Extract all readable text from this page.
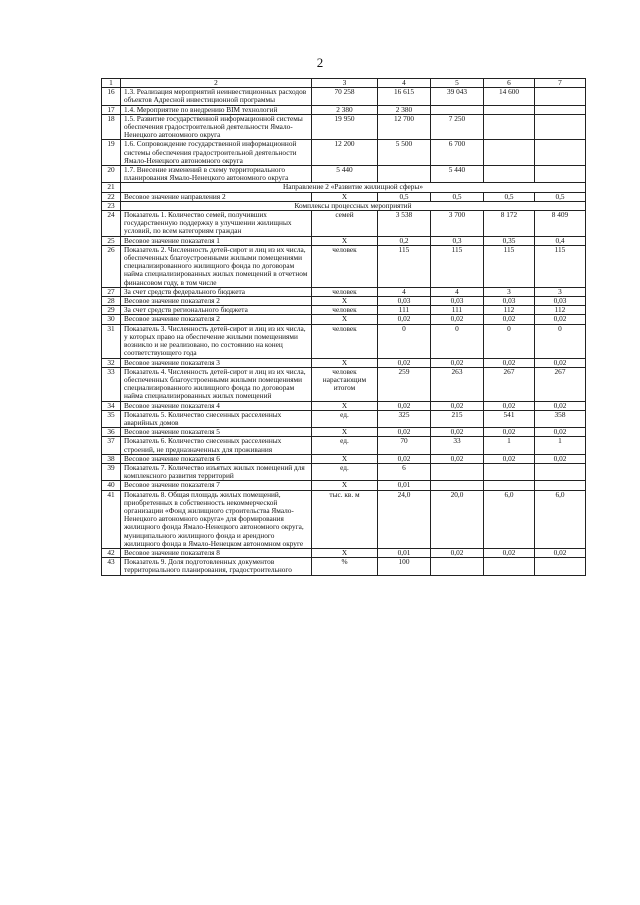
2
1	2	3	4	5	6	7
16	1.3. Реализация мероприятий неинвестиционных расходов объектов Адресной инвестиционной программы	70 258	16 615	39 043	14 600	
17	1.4. Мероприятие по внедрению BIM технологий	2 380	2 380			
18	1.5. Развитие государственной информационной системы обеспечения градостроительной деятельности Ямало-Ненецкого автономного округа	19 950	12 700	7 250		
19	1.6. Сопровождение государственной информационной системы обеспечения градостроительной деятельности Ямало-Ненецкого автономного округа	12 200	5 500	6 700		
20	1.7. Внесение изменений в схему территориального планирования Ямало-Ненецкого автономного округа	5 440		5 440		
21	Направление 2 «Развитие жилищной сферы»					
22	Весовое значение направления 2	X	0,5	0,5	0,5	0,5
23	Комплексы процессных мероприятий					
24	Показатель 1. Количество семей, получивших государственную поддержку в улучшении жилищных условий, по всем категориям граждан	семей	3 538	3 700	8 172	8 409
25	Весовое значение показателя 1	X	0,2	0,3	0,35	0,4
26	Показатель 2. Численность детей-сирот и лиц из их числа, обеспеченных благоустроенными жилыми помещениями специализированного жилищного фонда по договорам найма специализированных жилых помещений в отчетном финансовом году, в том числе	человек	115	115	115	115
27	За счет средств федерального бюджета	человек	4	4	3	3
28	Весовое значение показателя 2	X	0,03	0,03	0,03	0,03
29	За счет средств регионального бюджета	человек	111	111	112	112
30	Весовое значение показателя 2	X	0,02	0,02	0,02	0,02
31	Показатель 3. Численность детей-сирот и лиц из их числа, у которых право на обеспечение жилыми помещениями возникло и не реализовано, по состоянию на конец соответствующего года	человек	0	0	0	0
32	Весовое значение показателя 3	X	0,02	0,02	0,02	0,02
33	Показатель 4. Численность детей-сирот и лиц из их числа, обеспеченных благоустроенными жилыми помещениями специализированного жилищного фонда по договорам найма специализированных жилых помещений	человек нарастающим итогом	259	263	267	267
34	Весовое значение показателя 4	X	0,02	0,02	0,02	0,02
35	Показатель 5. Количество снесенных расселенных аварийных домов	ед.	325	215	541	358
36	Весовое значение показателя 5	X	0,02	0,02	0,02	0,02
37	Показатель 6. Количество снесенных расселенных строений, не предназначенных для проживания	ед.	70	33	1	1
38	Весовое значение показателя 6	X	0,02	0,02	0,02	0,02
39	Показатель 7. Количество изъятых жилых помещений для комплексного развития территорий	ед.	6			
40	Весовое значение показателя 7	X	0,01			
41	Показатель 8. Общая площадь жилых помещений, приобретенных в собственность некоммерческой организации «Фонд жилищного строительства Ямало-Ненецкого автономного округа» для формирования жилищного фонда Ямало-Ненецкого автономного округа, муниципального жилищного фонда и арендного жилищного фонда в Ямало-Ненецком автономном округе	тыс. кв. м	24,0	20,0	6,0	6,0
42	Весовое значение показателя 8	X	0,01	0,02	0,02	0,02
43	Показатель 9. Доля подготовленных документов территориального планирования, градостроительного	%	100			
